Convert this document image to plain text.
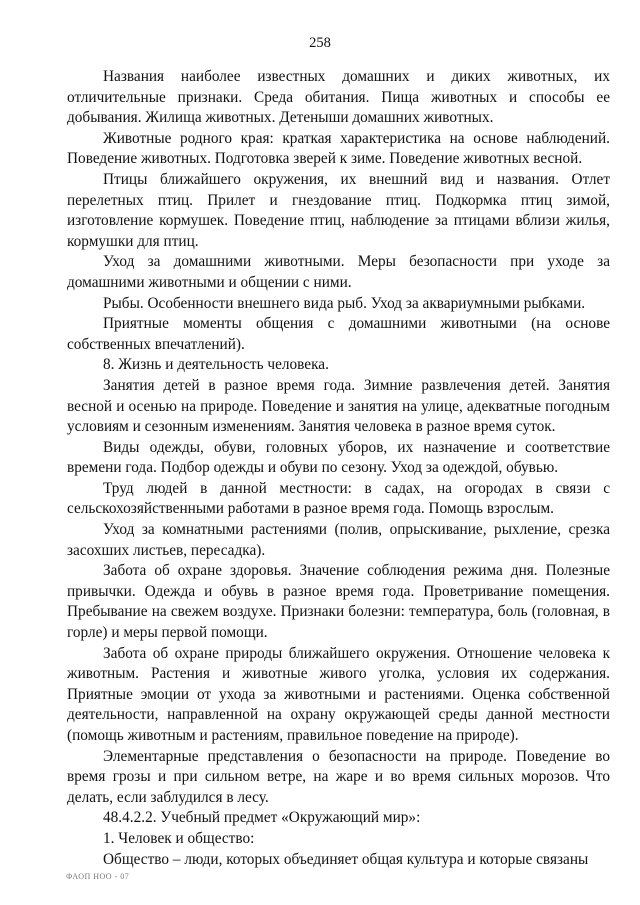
258

Названия наиболее известных домашних и диких животных, их отличительные признаки. Среда обитания. Пища животных и способы ее добывания. Жилища животных. Детеныши домашних животных.

Животные родного края: краткая характеристика на основе наблюдений. Поведение животных. Подготовка зверей к зиме. Поведение животных весной.

Птицы ближайшего окружения, их внешний вид и названия. Отлет перелетных птиц. Прилет и гнездование птиц. Подкормка птиц зимой, изготовление кормушек. Поведение птиц, наблюдение за птицами вблизи жилья, кормушки для птиц.

Уход за домашними животными. Меры безопасности при уходе за домашними животными и общении с ними.

Рыбы. Особенности внешнего вида рыб. Уход за аквариумными рыбками.

Приятные моменты общения с домашними животными (на основе собственных впечатлений).

8. Жизнь и деятельность человека.

Занятия детей в разное время года. Зимние развлечения детей. Занятия весной и осенью на природе. Поведение и занятия на улице, адекватные погодным условиям и сезонным изменениям. Занятия человека в разное время суток.

Виды одежды, обуви, головных уборов, их назначение и соответствие времени года. Подбор одежды и обуви по сезону. Уход за одеждой, обувью.

Труд людей в данной местности: в садах, на огородах в связи с сельскохозяйственными работами в разное время года. Помощь взрослым.

Уход за комнатными растениями (полив, опрыскивание, рыхление, срезка засохших листьев, пересадка).

Забота об охране здоровья. Значение соблюдения режима дня. Полезные привычки. Одежда и обувь в разное время года. Проветривание помещения. Пребывание на свежем воздухе. Признаки болезни: температура, боль (головная, в горле) и меры первой помощи.

Забота об охране природы ближайшего окружения. Отношение человека к животным. Растения и животные живого уголка, условия их содержания. Приятные эмоции от ухода за животными и растениями. Оценка собственной деятельности, направленной на охрану окружающей среды данной местности (помощь животным и растениям, правильное поведение на природе).

Элементарные представления о безопасности на природе. Поведение во время грозы и при сильном ветре, на жаре и во время сильных морозов. Что делать, если заблудился в лесу.

48.4.2.2. Учебный предмет «Окружающий мир»:

1. Человек и общество:

Общество – люди, которых объединяет общая культура и которые связаны

ФАОП НОО - 07
